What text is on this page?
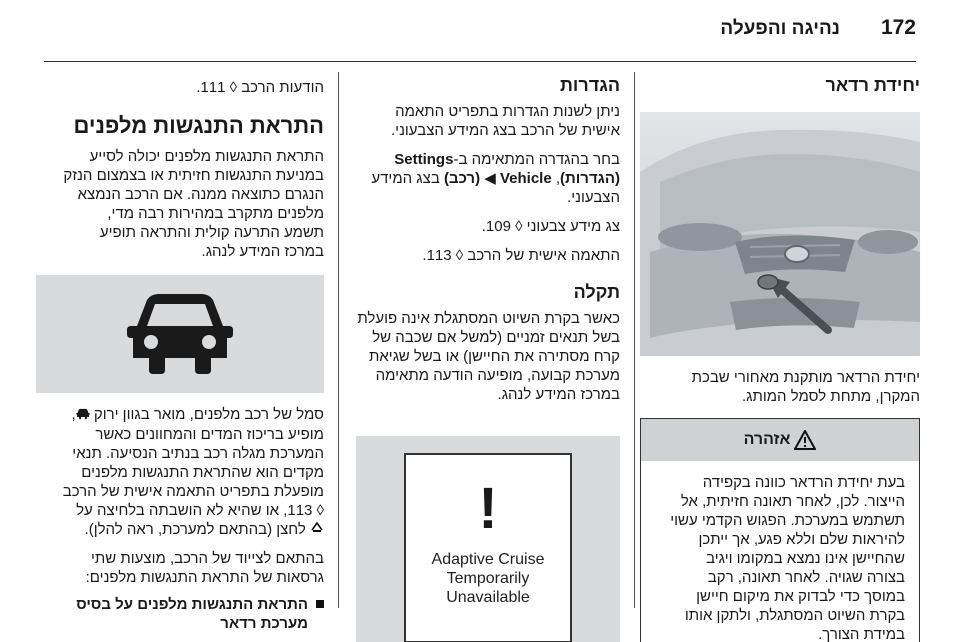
172
נהיגה והפעלה
יחידת רדאר
יחידת הרדאר מותקנת מאחורי שבכת
המקרן, מתחת לסמל המותג.
אזהרה
בעת יחידת הרדאר כוונה בקפידה
הייצור. לכן, לאחר תאונה חזיתית, אל
תשתמש במערכת. הפגוש הקדמי עשוי
להיראות שלם וללא פגע, אך ייתכן
שהחיישן אינו נמצא במקומו ויגיב
בצורה שגויה. לאחר תאונה, רקב
במוסך כדי לבדוק את מיקום חיישן
בקרת השיוט המסתגלת, ולתקן אותו
במידת הצורך.
הגדרות
ניתן לשנות הגדרות בתפריט התאמה
אישית של הרכב בצג המידע הצבעוני.
בחר בהגדרה המתאימה ב-Settings
(הגדרות), Vehicle ◀ (רכב) בצג המידע
הצבעוני.
צג מידע צבעוני ◊ 109.
התאמה אישית של הרכב ◊ 113.
תקלה
כאשר בקרת השיוט המסתגלת אינה פועלת
בשל תנאים זמניים (למשל אם שכבה של
קרח מסתירה את החיישן) או בשל שגיאת
מערכת קבועה, מופיעה הודעה מתאימה
במרכז המידע לנהג.
!
Adaptive Cruise
Temporarily
Unavailable
הודעות הרכב ◊ 111.
התראת התנגשות מלפנים
התראת התנגשות מלפנים יכולה לסייע
במניעת התנגשות חזיתית או בצמצום הנזק
הנגרם כתוצאה ממנה. אם הרכב הנמצא
מלפנים מתקרב במהירות רבה מדי,
תשמע התרעה קולית והתראה תופיע
במרכז המידע לנהג.
סמל של רכב מלפנים, מואר בגוון ירוק ,
מופיע בריכוז המדים והמחוונים כאשר
המערכת מגלה רכב בנתיב הנסיעה. תנאי
מקדים הוא שהתראת התנגשות מלפנים
מופעלת בתפריט התאמה אישית של הרכב
◊ 113, או שהיא לא הושבתה בלחיצה על
לחצן (בהתאם למערכת, ראה להלן).
בהתאם לצייוד של הרכב, מוצעות שתי
גרסאות של התראת התנגשות מלפנים:
התראת התנגשות מלפנים על בסיס
מערכת רדאר
